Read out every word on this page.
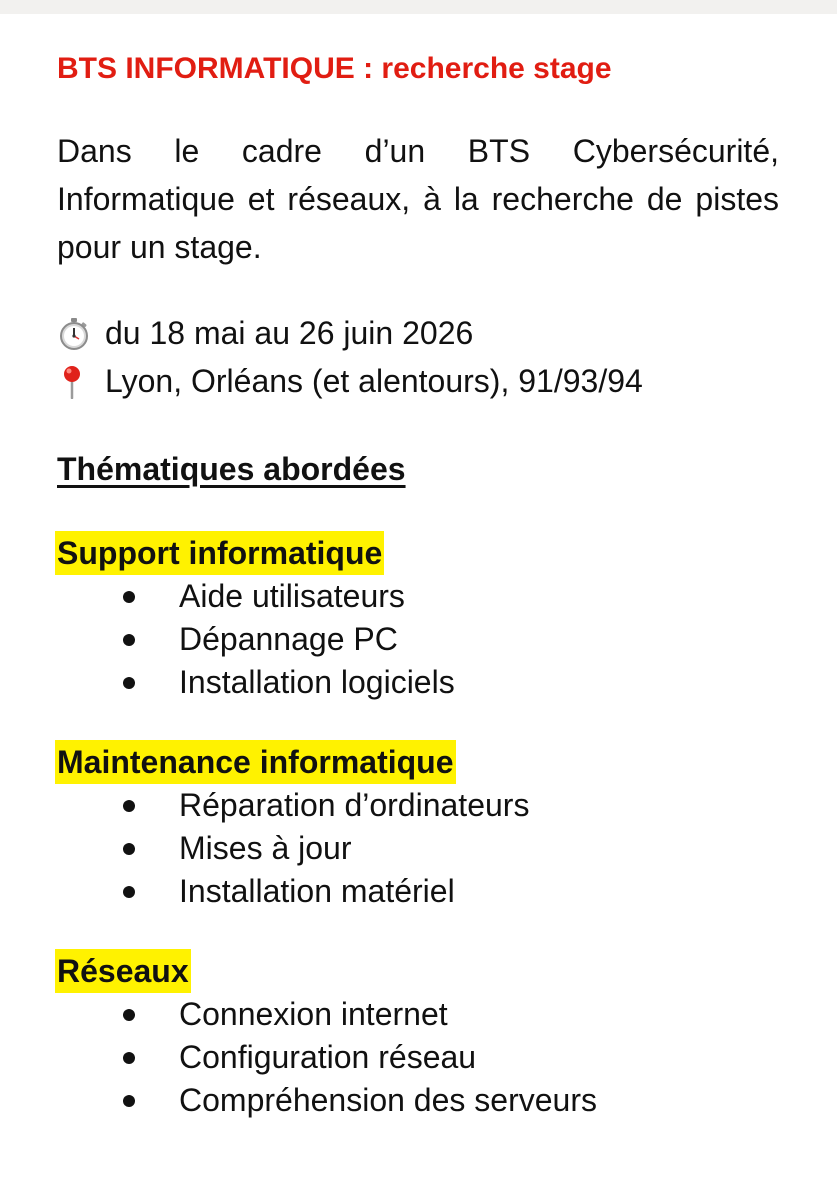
BTS INFORMATIQUE : recherche stage

Dans le cadre d’un BTS Cybersécurité, Informatique et réseaux, à la recherche de pistes pour un stage.

du 18 mai au 26 juin 2026
Lyon, Orléans (et alentours), 91/93/94
Thématiques abordées
Support informatique
Aide utilisateurs
Dépannage PC
Installation logiciels
Maintenance informatique
Réparation d’ordinateurs
Mises à jour
Installation matériel
Réseaux
Connexion internet
Configuration réseau
Compréhension des serveurs
